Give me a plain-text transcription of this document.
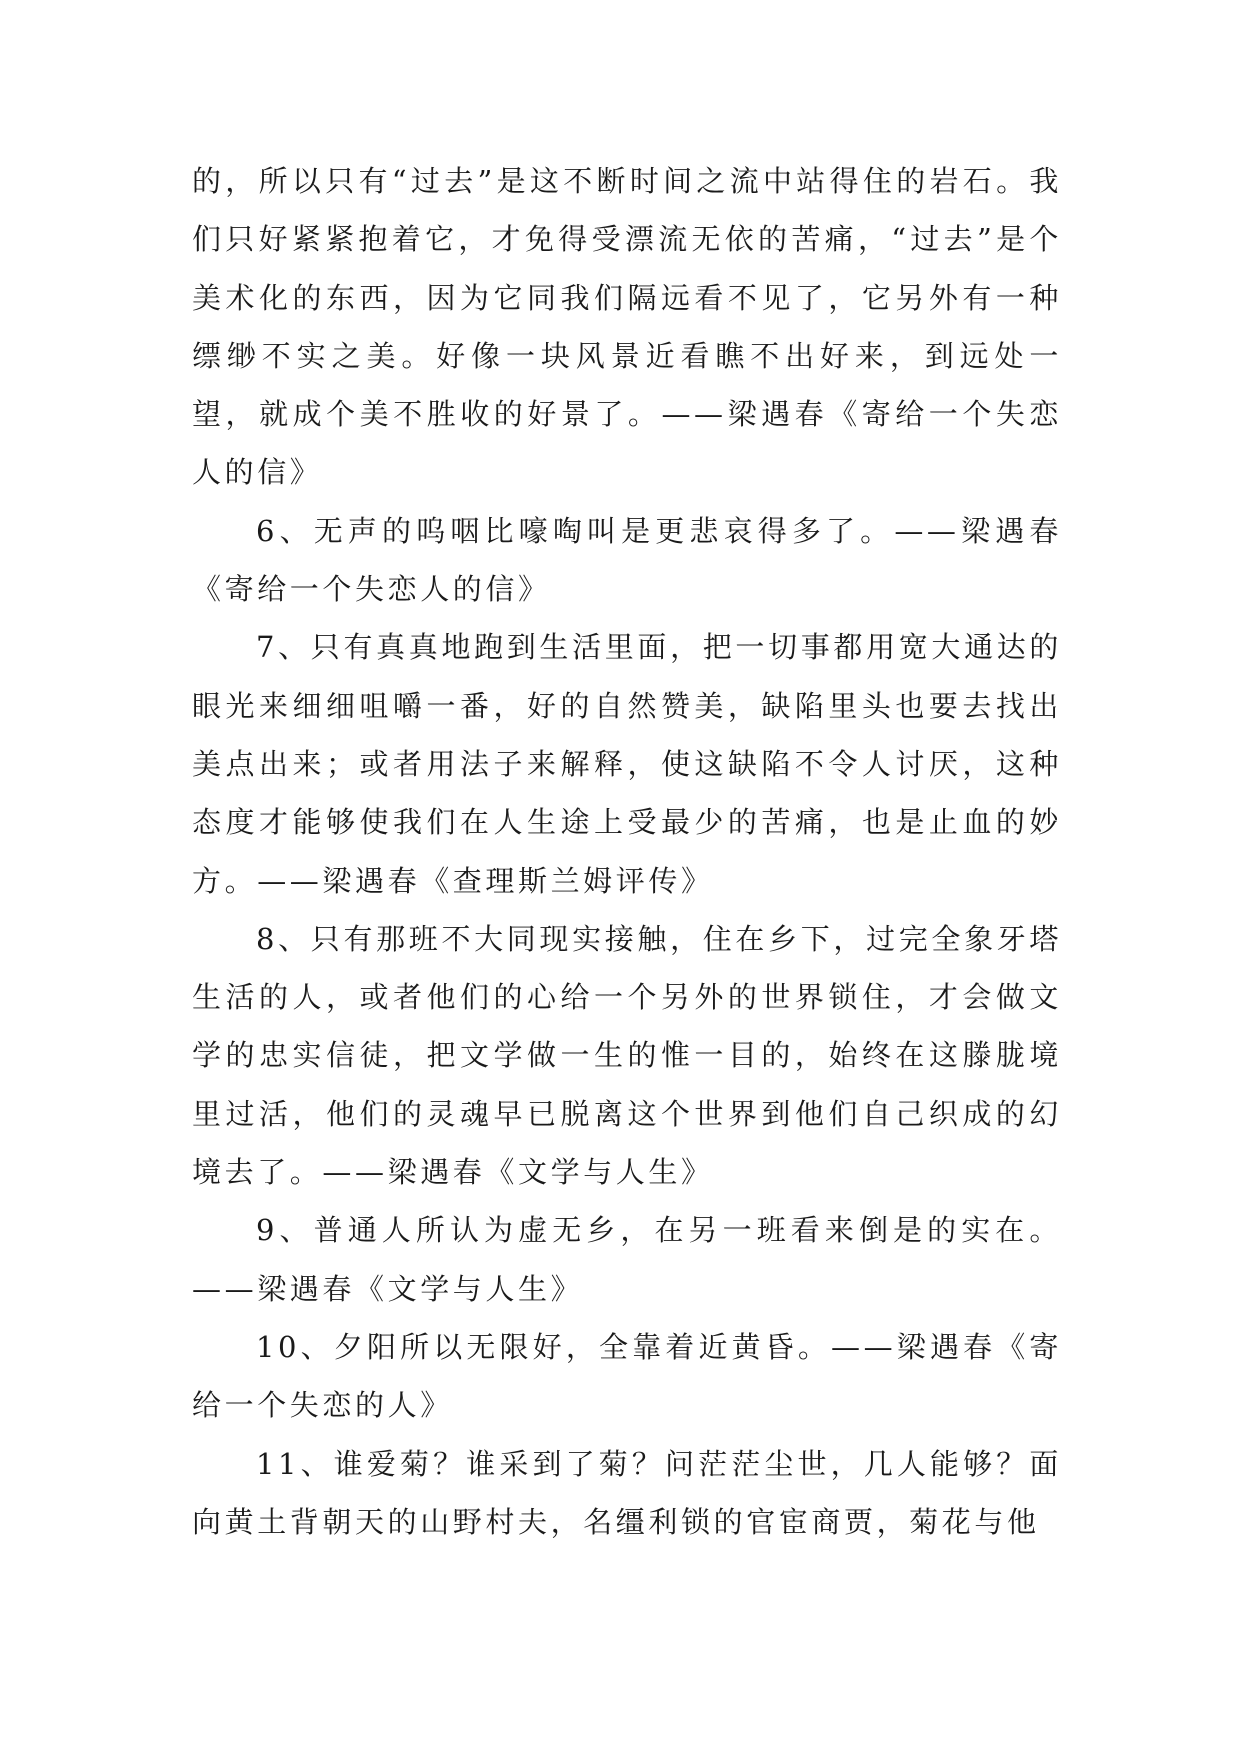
的，所以只有“过去”是这不断时间之流中站得住的岩石。我们只好紧紧抱着它，才免得受漂流无依的苦痛，“过去”是个美术化的东西，因为它同我们隔远看不见了，它另外有一种缥缈不实之美。好像一块风景近看瞧不出好来，到远处一望，就成个美不胜收的好景了。——梁遇春《寄给一个失恋人的信》

6、无声的呜咽比嚎啕叫是更悲哀得多了。——梁遇春《寄给一个失恋人的信》

7、只有真真地跑到生活里面，把一切事都用宽大通达的眼光来细细咀嚼一番，好的自然赞美，缺陷里头也要去找出美点出来；或者用法子来解释，使这缺陷不令人讨厌，这种态度才能够使我们在人生途上受最少的苦痛，也是止血的妙方。——梁遇春《查理斯兰姆评传》

8、只有那班不大同现实接触，住在乡下，过完全象牙塔生活的人，或者他们的心给一个另外的世界锁住，才会做文学的忠实信徒，把文学做一生的惟一目的，始终在这滕胧境里过活，他们的灵魂早已脱离这个世界到他们自己织成的幻境去了。——梁遇春《文学与人生》

9、普通人所认为虚无乡，在另一班看来倒是的实在。——梁遇春《文学与人生》

10、夕阳所以无限好，全靠着近黄昏。——梁遇春《寄给一个失恋的人》

11、谁爱菊？谁采到了菊？问茫茫尘世，几人能够？面向黄土背朝天的山野村夫，名缰利锁的官宦商贾，菊花与他
